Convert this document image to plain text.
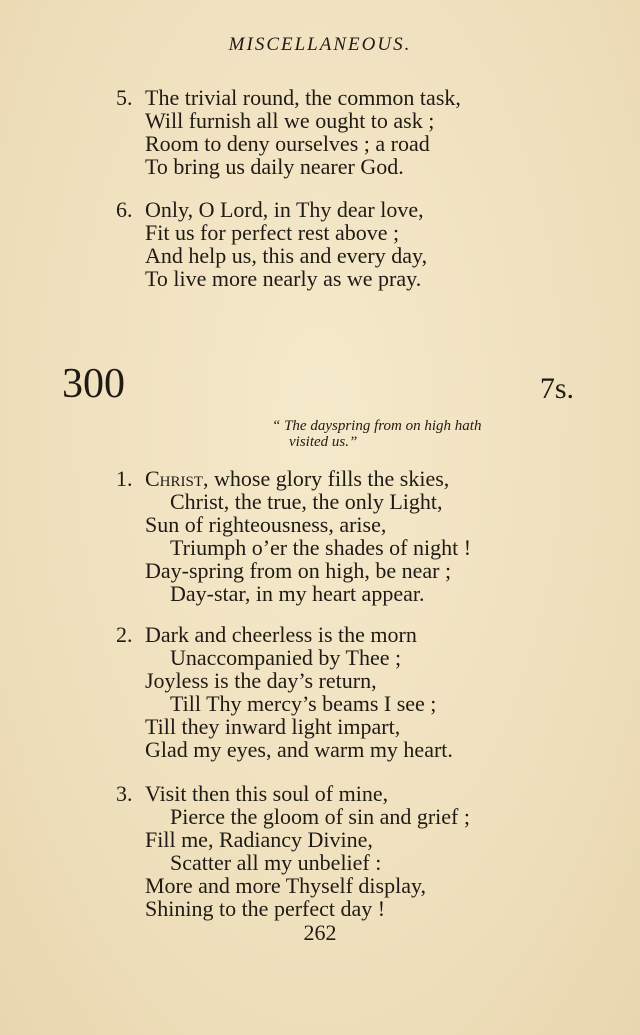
MISCELLANEOUS.
5. The trivial round, the common task,
Will furnish all we ought to ask ;
Room to deny ourselves ; a road
To bring us daily nearer God.
6. Only, O Lord, in Thy dear love,
Fit us for perfect rest above ;
And help us, this and every day,
To live more nearly as we pray.
300	7s.
“ The dayspring from on high hath
visited us.”
1. Christ, whose glory fills the skies,
Christ, the true, the only Light,
Sun of righteousness, arise,
Triumph o’er the shades of night !
Day-spring from on high, be near ;
Day-star, in my heart appear.
2. Dark and cheerless is the morn
Unaccompanied by Thee ;
Joyless is the day’s return,
Till Thy mercy’s beams I see ;
Till they inward light impart,
Glad my eyes, and warm my heart.
3. Visit then this soul of mine,
Pierce the gloom of sin and grief ;
Fill me, Radiancy Divine,
Scatter all my unbelief :
More and more Thyself display,
Shining to the perfect day !
262
